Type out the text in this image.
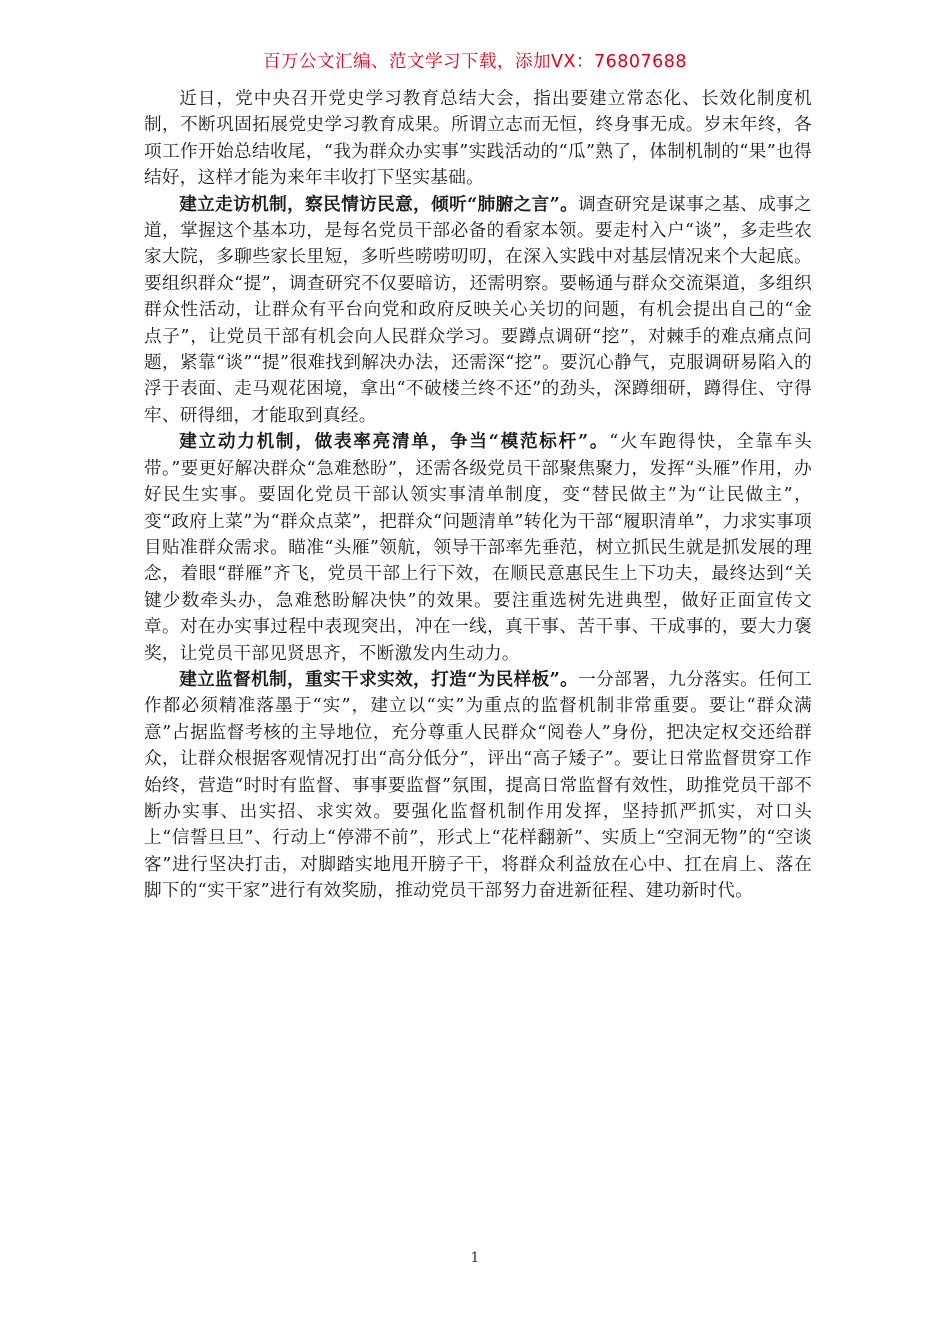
百万公文汇编、范文学习下载，添加VX：76807688

近日，党中央召开党史学习教育总结大会，指出要建立常态化、长效化制度机制，不断巩固拓展党史学习教育成果。所谓立志而无恒，终身事无成。岁末年终，各项工作开始总结收尾，“我为群众办实事”实践活动的“瓜”熟了，体制机制的“果”也得结好，这样才能为来年丰收打下坚实基础。

建立走访机制，察民情访民意，倾听“肺腑之言”。调查研究是谋事之基、成事之道，掌握这个基本功，是每名党员干部必备的看家本领。要走村入户“谈”，多走些农家大院，多聊些家长里短，多听些唠唠叨叨，在深入实践中对基层情况来个大起底。要组织群众“提”，调查研究不仅要暗访，还需明察。要畅通与群众交流渠道，多组织群众性活动，让群众有平台向党和政府反映关心关切的问题，有机会提出自己的“金点子”，让党员干部有机会向人民群众学习。要蹲点调研“挖”，对棘手的难点痛点问题，紧靠“谈”“提”很难找到解决办法，还需深“挖”。要沉心静气，克服调研易陷入的浮于表面、走马观花困境，拿出“不破楼兰终不还”的劲头，深蹲细研，蹲得住、守得牢、研得细，才能取到真经。

建立动力机制，做表率亮清单，争当“模范标杆”。“火车跑得快，全靠车头带。”要更好解决群众“急难愁盼”，还需各级党员干部聚焦聚力，发挥“头雁”作用，办好民生实事。要固化党员干部认领实事清单制度，变“替民做主”为“让民做主”，变“政府上菜”为“群众点菜”，把群众“问题清单”转化为干部“履职清单”，力求实事项目贴准群众需求。瞄准“头雁”领航，领导干部率先垂范，树立抓民生就是抓发展的理念，着眼“群雁”齐飞，党员干部上行下效，在顺民意惠民生上下功夫，最终达到“关键少数牵头办，急难愁盼解决快”的效果。要注重选树先进典型，做好正面宣传文章。对在办实事过程中表现突出，冲在一线，真干事、苦干事、干成事的，要大力褒奖，让党员干部见贤思齐，不断激发内生动力。

建立监督机制，重实干求实效，打造“为民样板”。一分部署，九分落实。任何工作都必须精准落墨于“实”，建立以“实”为重点的监督机制非常重要。要让“群众满意”占据监督考核的主导地位，充分尊重人民群众“阅卷人”身份，把决定权交还给群众，让群众根据客观情况打出“高分低分”，评出“高子矮子”。要让日常监督贯穿工作始终，营造“时时有监督、事事要监督”氛围，提高日常监督有效性，助推党员干部不断办实事、出实招、求实效。要强化监督机制作用发挥，坚持抓严抓实，对口头上“信誓旦旦”、行动上“停滞不前”，形式上“花样翻新”、实质上“空洞无物”的“空谈客”进行坚决打击，对脚踏实地甩开膀子干，将群众利益放在心中、扛在肩上、落在脚下的“实干家”进行有效奖励，推动党员干部努力奋进新征程、建功新时代。

1
